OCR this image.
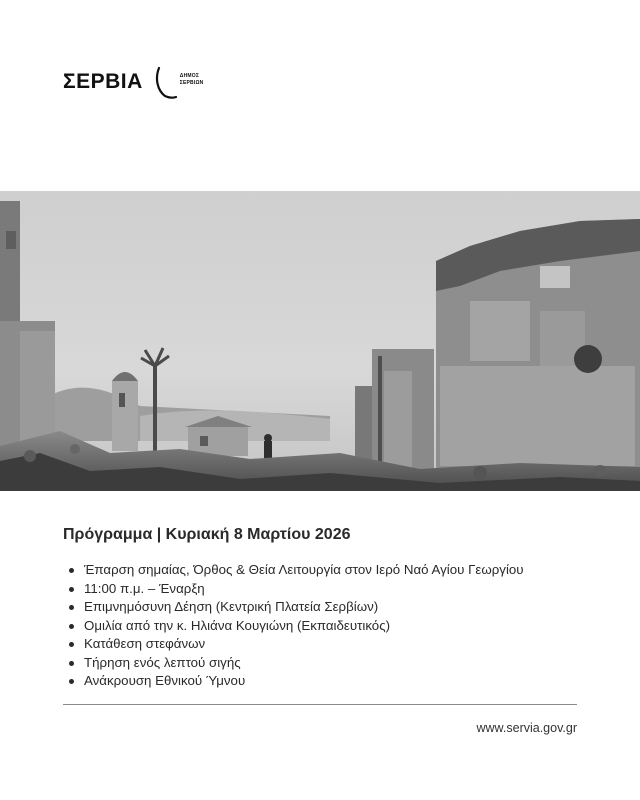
ΣΕΡΒΙΑ	ΔΗΜΟΣ
ΣΕΡΒΙΩΝ
Πρόγραμμα | Κυριακή 8 Μαρτίου 2026
Έπαρση σημαίας, Όρθος & Θεία Λειτουργία στον Ιερό Ναό Αγίου Γεωργίου
11:00 π.μ. – Έναρξη
Επιμνημόσυνη Δέηση (Κεντρική Πλατεία Σερβίων)
Ομιλία από την κ. Ηλιάνα Κουγιώνη (Εκπαιδευτικός)
Κατάθεση στεφάνων
Τήρηση ενός λεπτού σιγής
Ανάκρουση Εθνικού Ύμνου
www.servia.gov.gr
